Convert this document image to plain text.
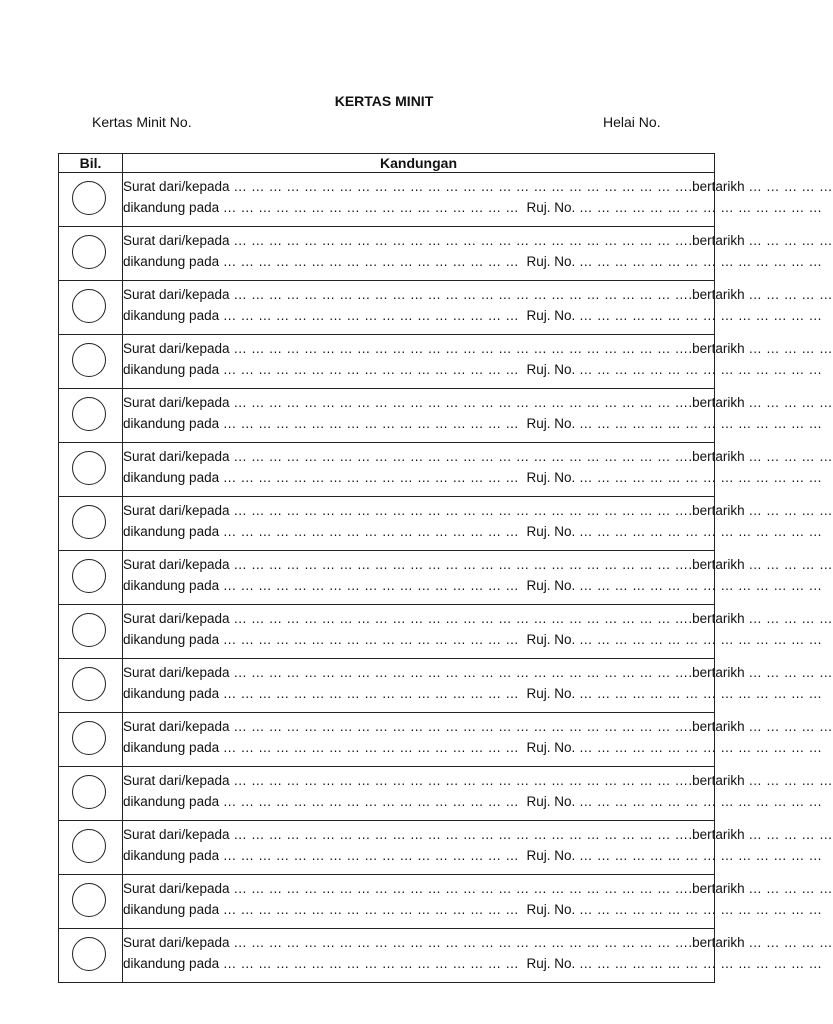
KERTAS MINIT
Kertas Minit No.	Helai No.
Bil.	Kandungan

	Surat dari/kepada … … … … … … … … … … … … … … … … … … … … … … … … … ….bertarikh … … … … …
dikandung pada … … … … … … … … … … … … … … … … … Ruj. No. … … … … … … … … … … … … … …

	Surat dari/kepada … … … … … … … … … … … … … … … … … … … … … … … … … ….bertarikh … … … … …
dikandung pada … … … … … … … … … … … … … … … … … Ruj. No. … … … … … … … … … … … … … …

	Surat dari/kepada … … … … … … … … … … … … … … … … … … … … … … … … … ….bertarikh … … … … …
dikandung pada … … … … … … … … … … … … … … … … … Ruj. No. … … … … … … … … … … … … … …

	Surat dari/kepada … … … … … … … … … … … … … … … … … … … … … … … … … ….bertarikh … … … … …
dikandung pada … … … … … … … … … … … … … … … … … Ruj. No. … … … … … … … … … … … … … …

	Surat dari/kepada … … … … … … … … … … … … … … … … … … … … … … … … … ….bertarikh … … … … …
dikandung pada … … … … … … … … … … … … … … … … … Ruj. No. … … … … … … … … … … … … … …

	Surat dari/kepada … … … … … … … … … … … … … … … … … … … … … … … … … ….bertarikh … … … … …
dikandung pada … … … … … … … … … … … … … … … … … Ruj. No. … … … … … … … … … … … … … …

	Surat dari/kepada … … … … … … … … … … … … … … … … … … … … … … … … … ….bertarikh … … … … …
dikandung pada … … … … … … … … … … … … … … … … … Ruj. No. … … … … … … … … … … … … … …

	Surat dari/kepada … … … … … … … … … … … … … … … … … … … … … … … … … ….bertarikh … … … … …
dikandung pada … … … … … … … … … … … … … … … … … Ruj. No. … … … … … … … … … … … … … …

	Surat dari/kepada … … … … … … … … … … … … … … … … … … … … … … … … … ….bertarikh … … … … …
dikandung pada … … … … … … … … … … … … … … … … … Ruj. No. … … … … … … … … … … … … … …

	Surat dari/kepada … … … … … … … … … … … … … … … … … … … … … … … … … ….bertarikh … … … … …
dikandung pada … … … … … … … … … … … … … … … … … Ruj. No. … … … … … … … … … … … … … …

	Surat dari/kepada … … … … … … … … … … … … … … … … … … … … … … … … … ….bertarikh … … … … …
dikandung pada … … … … … … … … … … … … … … … … … Ruj. No. … … … … … … … … … … … … … …

	Surat dari/kepada … … … … … … … … … … … … … … … … … … … … … … … … … ….bertarikh … … … … …
dikandung pada … … … … … … … … … … … … … … … … … Ruj. No. … … … … … … … … … … … … … …

	Surat dari/kepada … … … … … … … … … … … … … … … … … … … … … … … … … ….bertarikh … … … … …
dikandung pada … … … … … … … … … … … … … … … … … Ruj. No. … … … … … … … … … … … … … …

	Surat dari/kepada … … … … … … … … … … … … … … … … … … … … … … … … … ….bertarikh … … … … …
dikandung pada … … … … … … … … … … … … … … … … … Ruj. No. … … … … … … … … … … … … … …

	Surat dari/kepada … … … … … … … … … … … … … … … … … … … … … … … … … ….bertarikh … … … … …
dikandung pada … … … … … … … … … … … … … … … … … Ruj. No. … … … … … … … … … … … … … …
